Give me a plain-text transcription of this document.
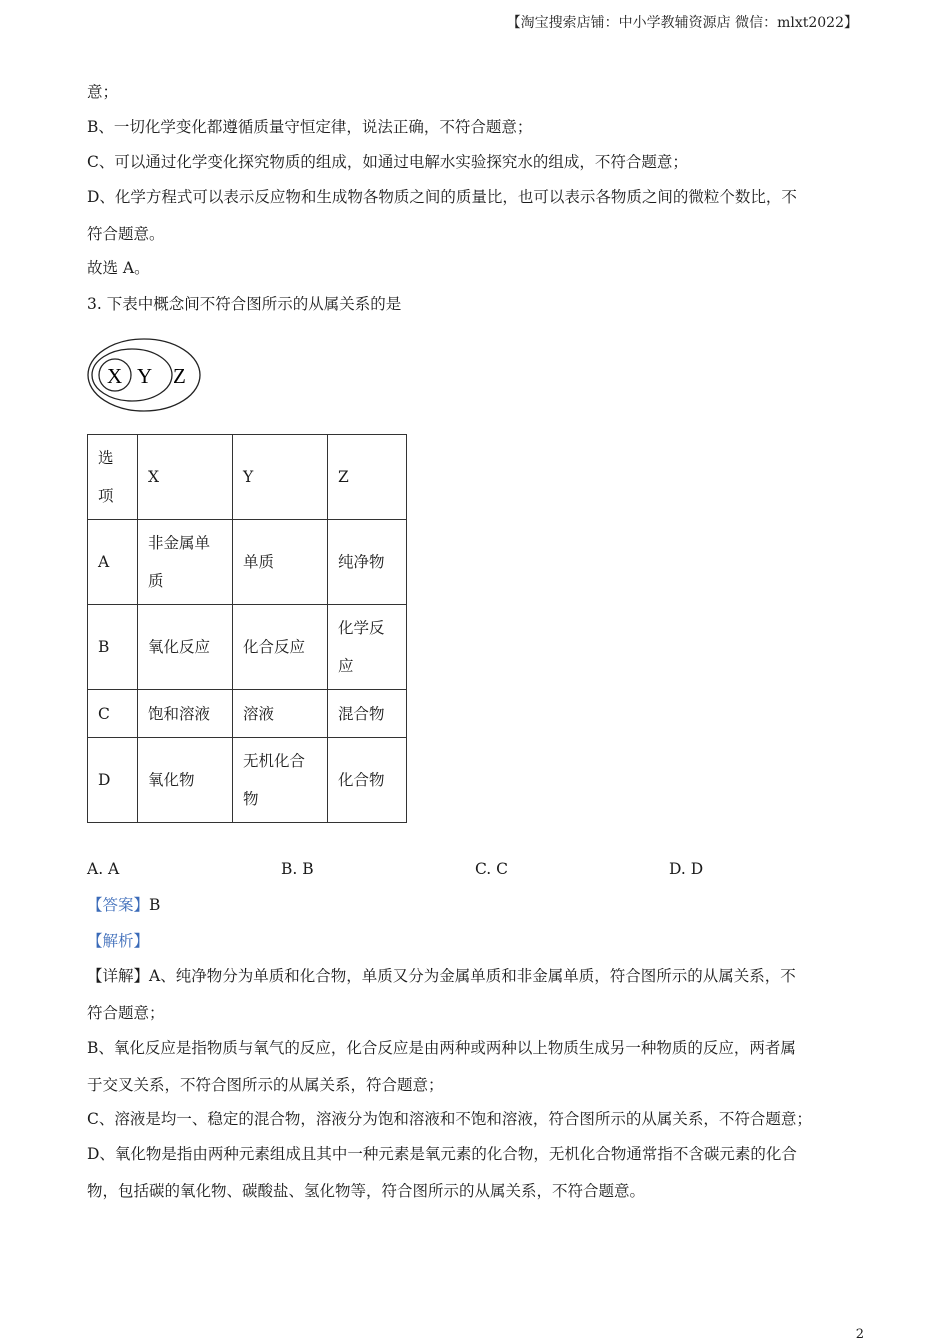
【淘宝搜索店铺：中小学教辅资源店 微信：mlxt2022】
意；
B、一切化学变化都遵循质量守恒定律，说法正确，不符合题意；
C、可以通过化学变化探究物质的组成，如通过电解水实验探究水的组成，不符合题意；
D、化学方程式可以表示反应物和生成物各物质之间的质量比，也可以表示各物质之间的微粒个数比，不
符合题意。
故选 A。
3. 下表中概念间不符合图所示的从属关系的是
X Y Z
选项	X	Y	Z
A	非金属单质	单质	纯净物
B	氧化反应	化合反应	化学反应
C	饱和溶液	溶液	混合物
D	氧化物	无机化合物	化合物
A. A	B. B	C. C	D. D
【答案】B
【解析】
【详解】A、纯净物分为单质和化合物，单质又分为金属单质和非金属单质，符合图所示的从属关系，不
符合题意；
B、氧化反应是指物质与氧气的反应，化合反应是由两种或两种以上物质生成另一种物质的反应，两者属
于交叉关系，不符合图所示的从属关系，符合题意；
C、溶液是均一、稳定的混合物，溶液分为饱和溶液和不饱和溶液，符合图所示的从属关系，不符合题意；
D、氧化物是指由两种元素组成且其中一种元素是氧元素的化合物，无机化合物通常指不含碳元素的化合
物，包括碳的氧化物、碳酸盐、氢化物等，符合图所示的从属关系，不符合题意。
2
